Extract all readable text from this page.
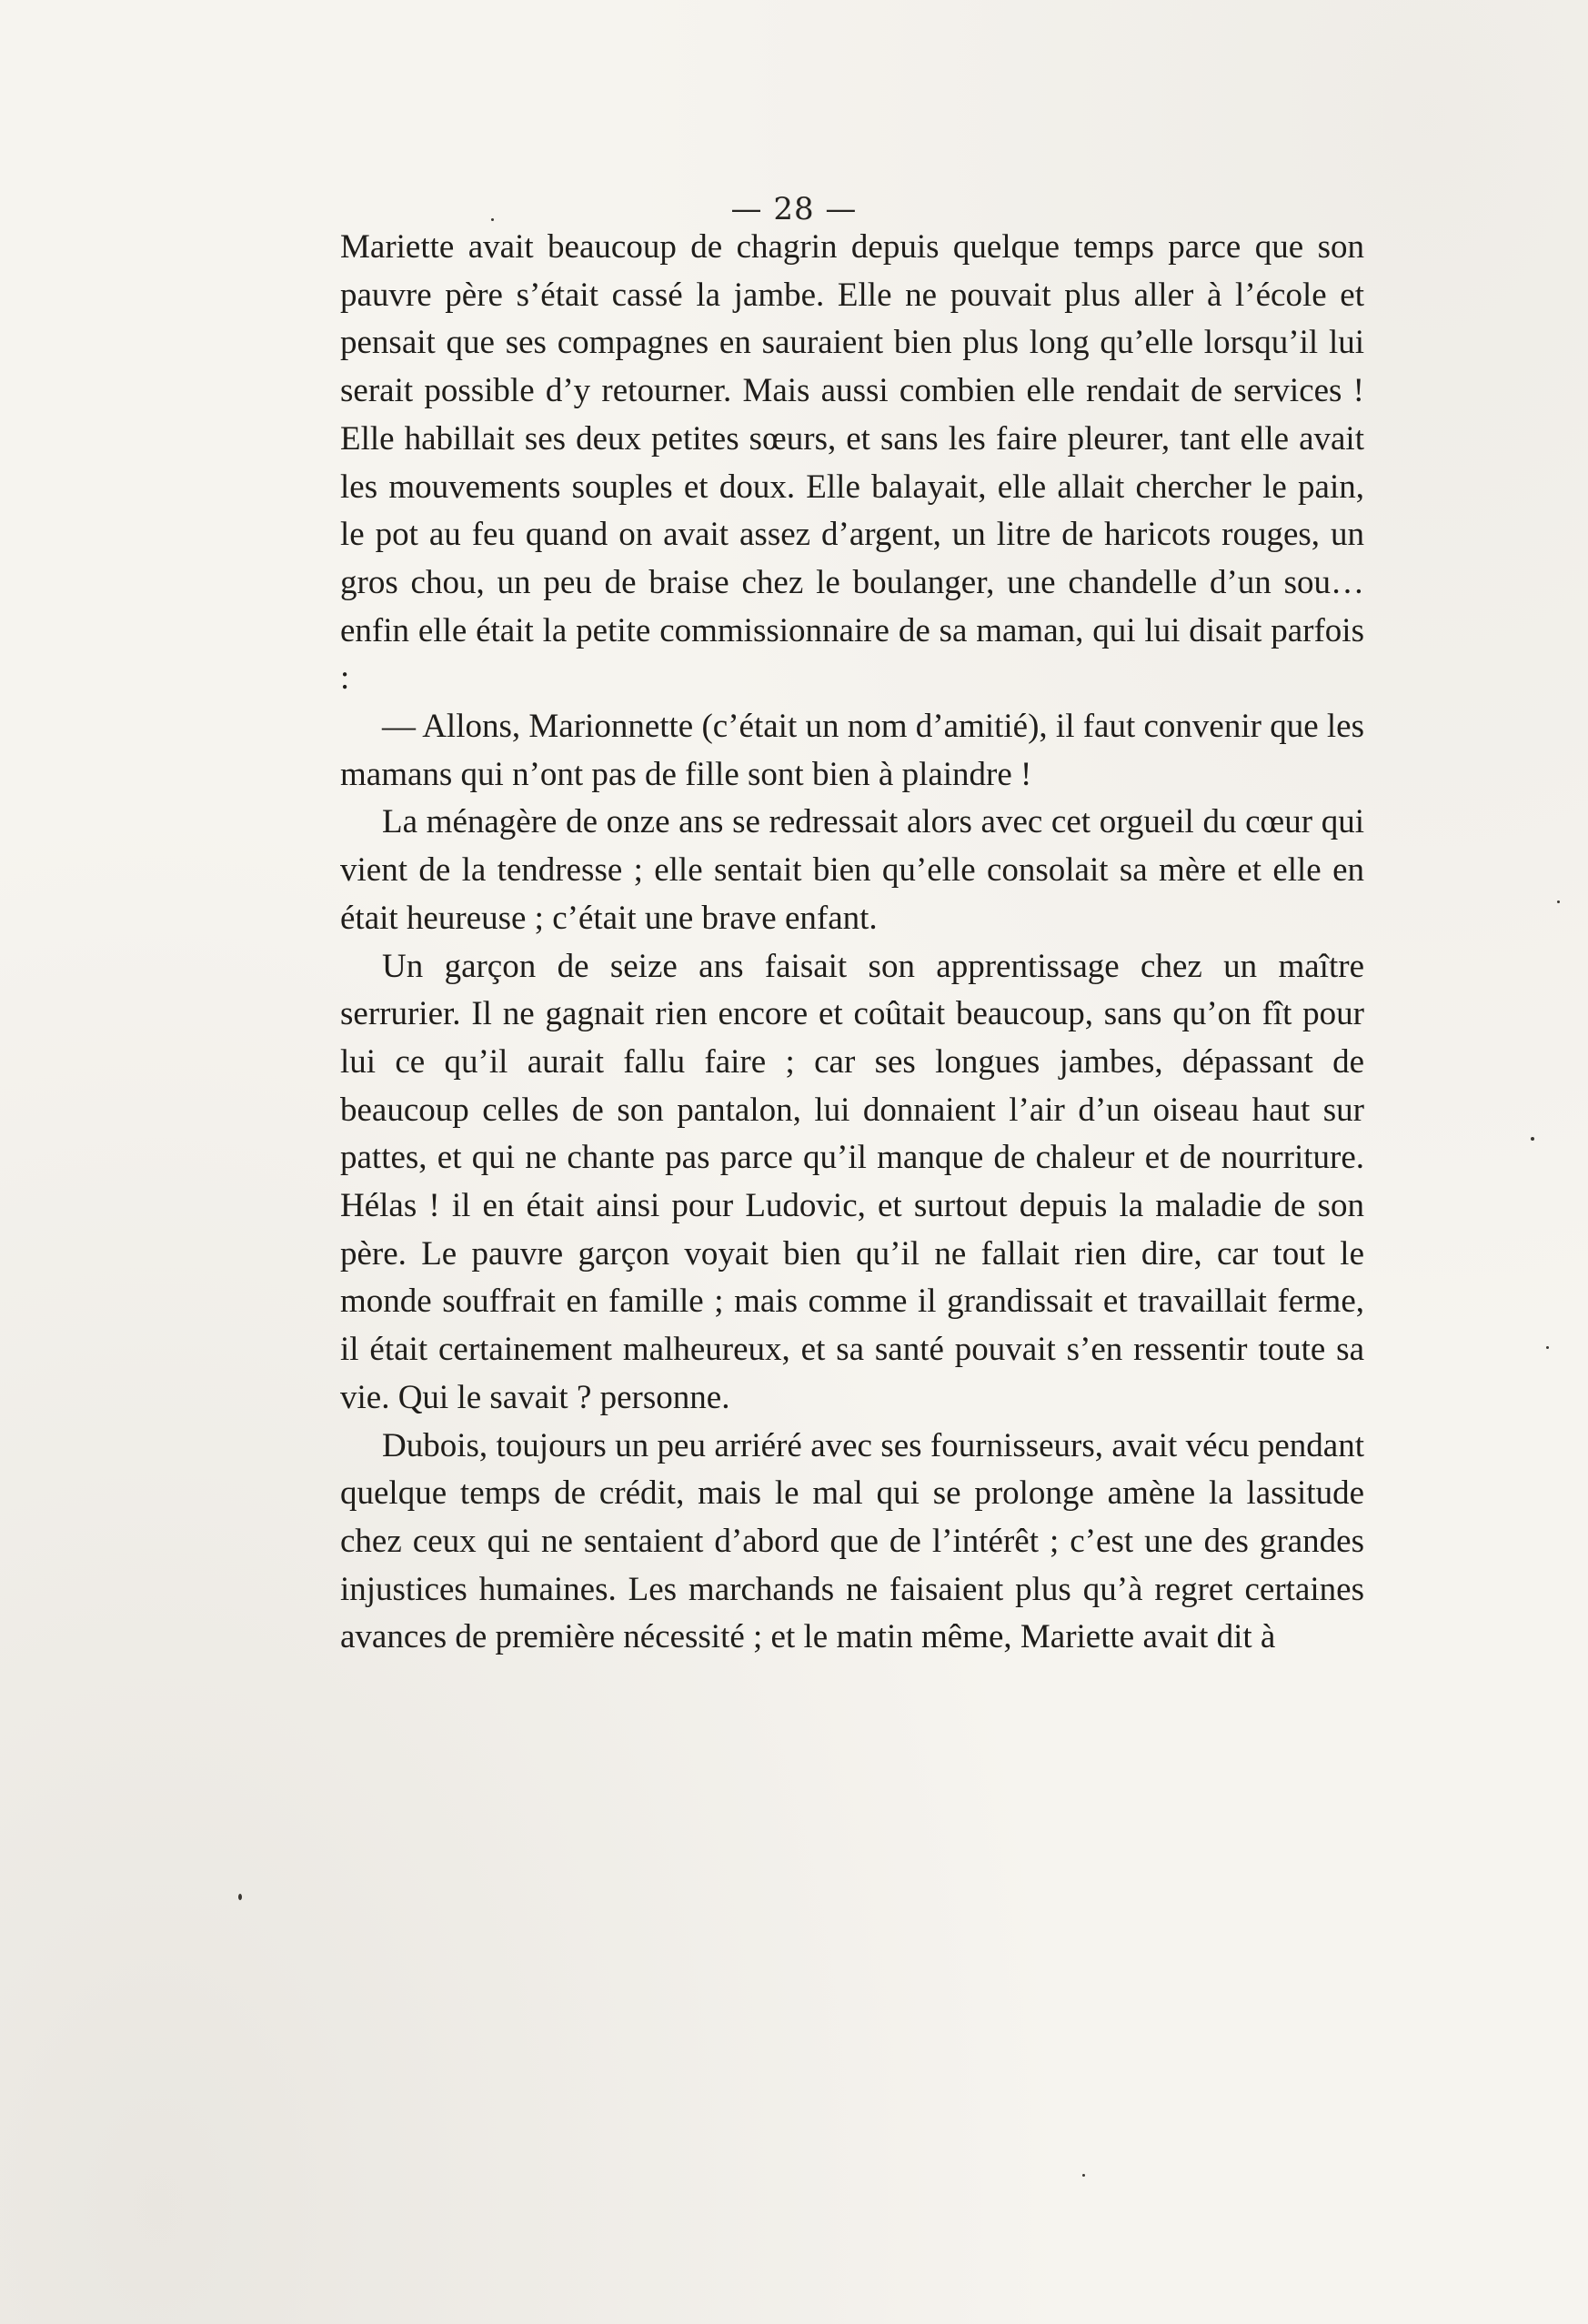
— 28 —

Mariette avait beaucoup de chagrin depuis quelque temps parce que son pauvre père s’était cassé la jambe. Elle ne pouvait plus aller à l’école et pensait que ses compagnes en sauraient bien plus long qu’elle lorsqu’il lui serait possible d’y retourner. Mais aussi combien elle rendait de services ! Elle habillait ses deux petites sœurs, et sans les faire pleurer, tant elle avait les mouvements souples et doux. Elle balayait, elle allait chercher le pain, le pot au feu quand on avait assez d’argent, un litre de haricots rouges, un gros chou, un peu de braise chez le boulanger, une chandelle d’un sou… enfin elle était la petite commissionnaire de sa maman, qui lui disait parfois :

— Allons, Marionnette (c’était un nom d’amitié), il faut convenir que les mamans qui n’ont pas de fille sont bien à plaindre !

La ménagère de onze ans se redressait alors avec cet orgueil du cœur qui vient de la tendresse ; elle sentait bien qu’elle consolait sa mère et elle en était heureuse ; c’était une brave enfant.

Un garçon de seize ans faisait son apprentissage chez un maître serrurier. Il ne gagnait rien encore et coûtait beaucoup, sans qu’on fît pour lui ce qu’il aurait fallu faire ; car ses longues jambes, dépassant de beaucoup celles de son pantalon, lui donnaient l’air d’un oiseau haut sur pattes, et qui ne chante pas parce qu’il manque de chaleur et de nourriture. Hélas ! il en était ainsi pour Ludovic, et surtout depuis la maladie de son père. Le pauvre garçon voyait bien qu’il ne fallait rien dire, car tout le monde souffrait en famille ; mais comme il grandissait et travaillait ferme, il était certainement malheureux, et sa santé pouvait s’en ressentir toute sa vie. Qui le savait ? personne.

Dubois, toujours un peu arriéré avec ses fournisseurs, avait vécu pendant quelque temps de crédit, mais le mal qui se prolonge amène la lassitude chez ceux qui ne sentaient d’abord que de l’intérêt ; c’est une des grandes injustices humaines. Les marchands ne faisaient plus qu’à regret certaines avances de première nécessité ; et le matin même, Mariette avait dit à
